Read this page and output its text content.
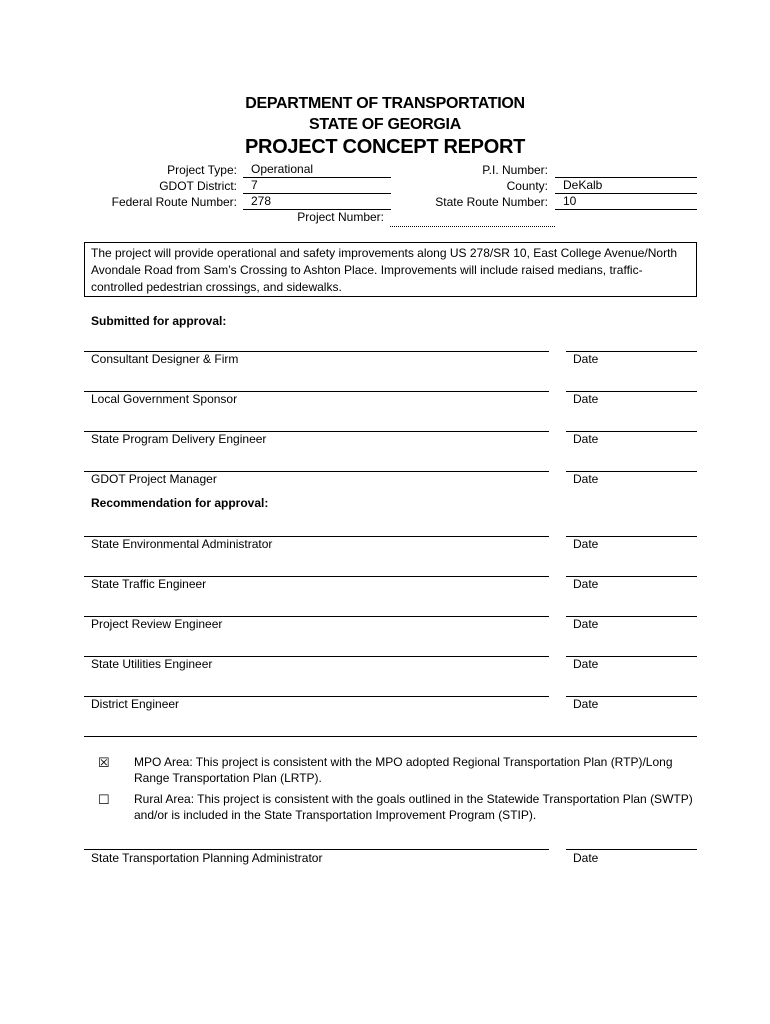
DEPARTMENT OF TRANSPORTATION
STATE OF GEORGIA
PROJECT CONCEPT REPORT
Project Type:	Operational
GDOT District:	7
Federal Route Number:	278
Project Number:
P.I. Number:
County:	DeKalb
State Route Number:	10
The project will provide operational and safety improvements along US 278/SR 10, East College Avenue/North Avondale Road from Sam’s Crossing to Ashton Place. Improvements will include raised medians, traffic-controlled pedestrian crossings, and sidewalks.
Submitted for approval:
Consultant Designer & Firm	Date
Local Government Sponsor	Date
State Program Delivery Engineer	Date
GDOT Project Manager	Date
Recommendation for approval:
State Environmental Administrator	Date
State Traffic Engineer	Date
Project Review Engineer	Date
State Utilities Engineer	Date
District Engineer	Date
☒ MPO Area: This project is consistent with the MPO adopted Regional Transportation Plan (RTP)/Long Range Transportation Plan (LRTP).
☐ Rural Area: This project is consistent with the goals outlined in the Statewide Transportation Plan (SWTP) and/or is included in the State Transportation Improvement Program (STIP).
State Transportation Planning Administrator	Date
